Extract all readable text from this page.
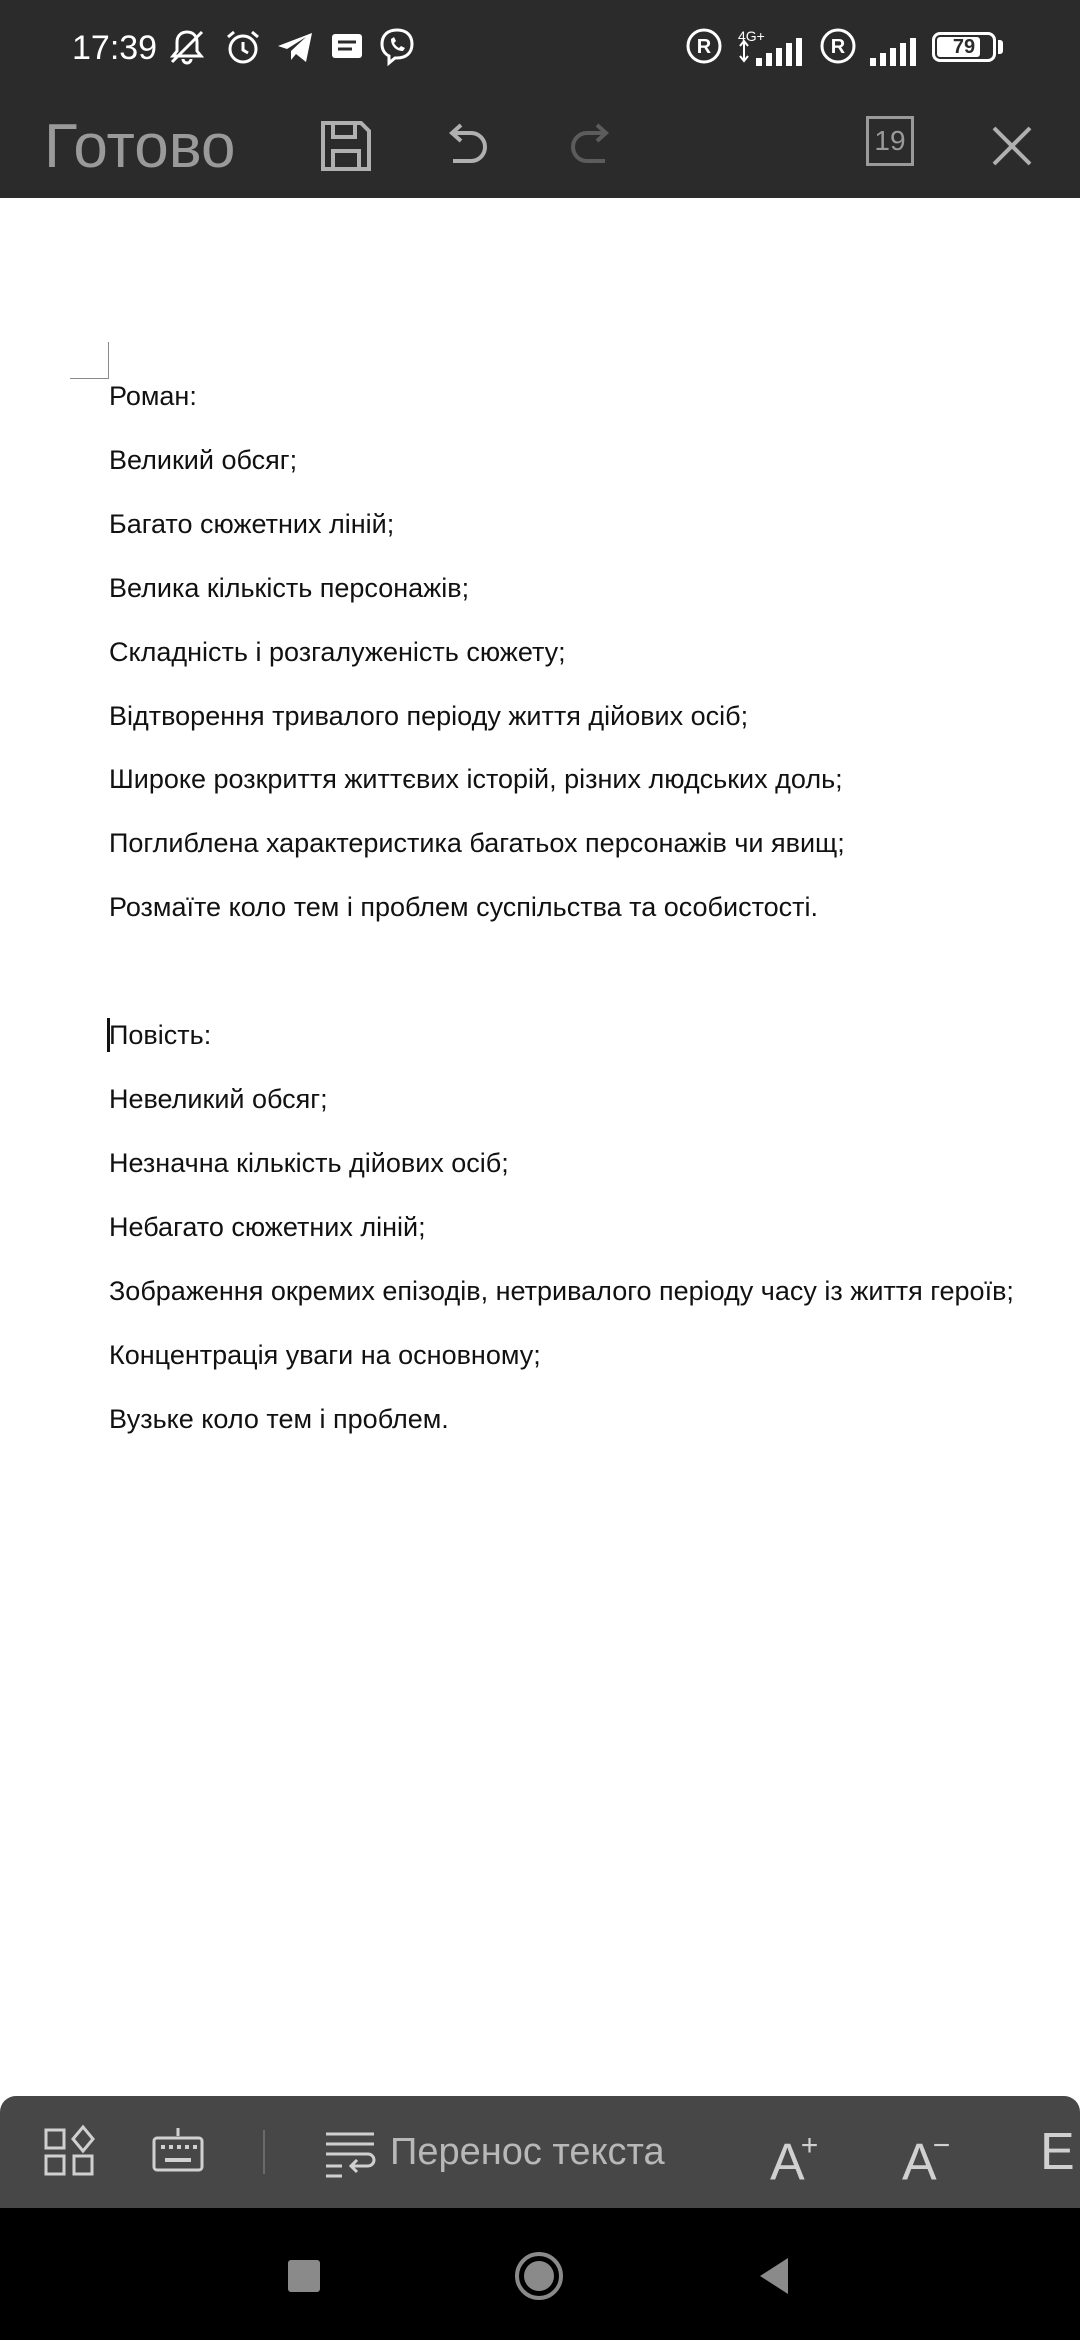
17:39	R 4G+	R	79
Готово	19
Роман:
Великий обсяг;
Багато сюжетних ліній;
Велика кількість персонажів;
Складність і розгалуженість сюжету;
Відтворення тривалого періоду життя дійових осіб;
Широке розкриття життєвих історій, різних людських доль;
Поглиблена характеристика багатьох персонажів чи явищ;
Розмаїте коло тем і проблем суспільства та особистості.
Повість:
Невеликий обсяг;
Незначна кількість дійових осіб;
Небагато сюжетних ліній;
Зображення окремих епізодів, нетривалого періоду часу із життя героїв;
Концентрація уваги на основному;
Вузьке коло тем і проблем.
Перенос текста A+ A− E
